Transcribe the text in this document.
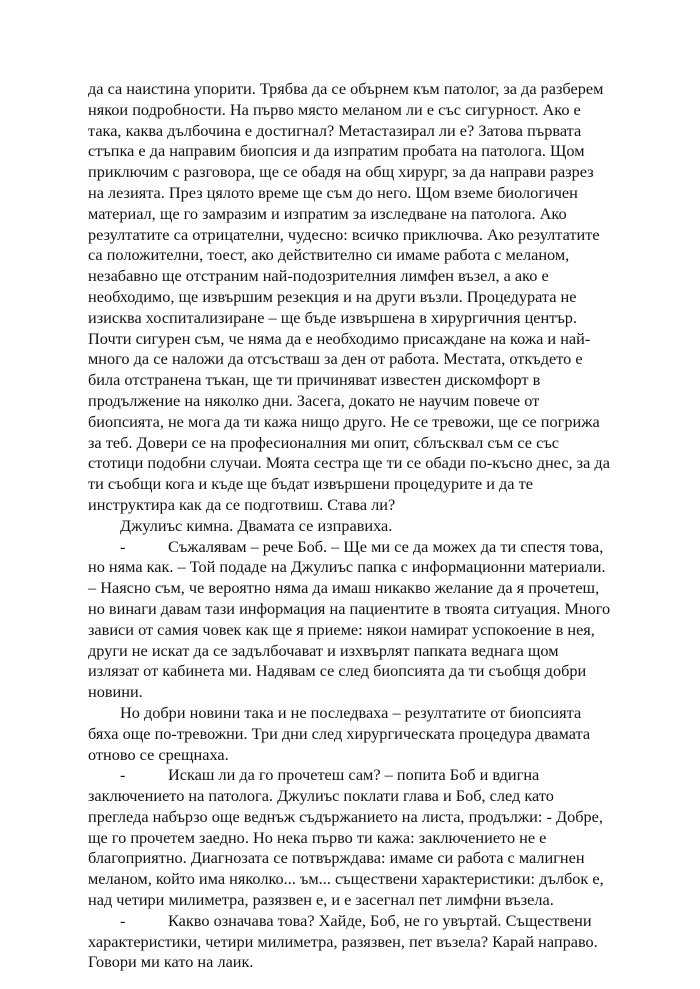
да са наистина упорити. Трябва да се обърнем към патолог, за да разберем
някои подробности. На първо място меланом ли е със сигурност. Ако е
така, каква дълбочина е достигнал? Метастазирал ли е? Затова първата
стъпка е да направим биопсия и да изпратим пробата на патолога. Щом
приключим с разговора, ще се обадя на общ хирург, за да направи разрез
на лезията. През цялото време ще съм до него. Щом вземе биологичен
материал, ще го замразим и изпратим за изследване на патолога. Ако
резултатите са отрицателни, чудесно: всичко приключва. Ако резултатите
са положителни, тоест, ако действително си имаме работа с меланом,
незабавно ще отстраним най-подозрителния лимфен възел, а ако е
необходимо, ще извършим резекция и на други възли. Процедурата не
изисква хоспитализиране – ще бъде извършена в хирургичния център.
Почти сигурен съм, че няма да е необходимо присаждане на кожа и най-
много да се наложи да отсъстваш за ден от работа. Местата, откъдето е
била отстранена тъкан, ще ти причиняват известен дискомфорт в
продължение на няколко дни. Засега, докато не научим повече от
биопсията, не мога да ти кажа нищо друго. Не се тревожи, ще се погрижа
за теб. Довери се на професионалния ми опит, сблъсквал съм се със
стотици подобни случаи. Моята сестра ще ти се обади по-късно днес, за да
ти съобщи кога и къде ще бъдат извършени процедурите и да те
инструктира как да се подготвиш. Става ли?
Джулиъс кимна. Двамата се изправиха.
-	Съжалявам – рече Боб. – Ще ми се да можех да ти спестя това,
но няма как. – Той подаде на Джулиъс папка с информационни материали.
– Наясно съм, че вероятно няма да имаш никакво желание да я прочетеш,
но винаги давам тази информация на пациентите в твоята ситуация. Много
зависи от самия човек как ще я приеме: някои намират успокоение в нея,
други не искат да се задълбочават и изхвърлят папката веднага щом
излязат от кабинета ми. Надявам се след биопсията да ти съобщя добри
новини.
Но добри новини така и не последваха – резултатите от биопсията
бяха още по-тревожни. Три дни след хирургическата процедура двамата
отново се срещнаха.
-	Искаш ли да го прочетеш сам? – попита Боб и вдигна
заключението на патолога. Джулиъс поклати глава и Боб, след като
прегледа набързо още веднъж съдържанието на листа, продължи: - Добре,
ще го прочетем заедно. Но нека първо ти кажа: заключението не е
благоприятно. Диагнозата се потвърждава: имаме си работа с малигнен
меланом, който има няколко... ъм... съществени характеристики: дълбок е,
над четири милиметра, разязвен е, и е засегнал пет лимфни възела.
-	Какво означава това? Хайде, Боб, не го увъртай. Съществени
характеристики, четири милиметра, разязвен, пет възела? Карай направо.
Говори ми като на лаик.
